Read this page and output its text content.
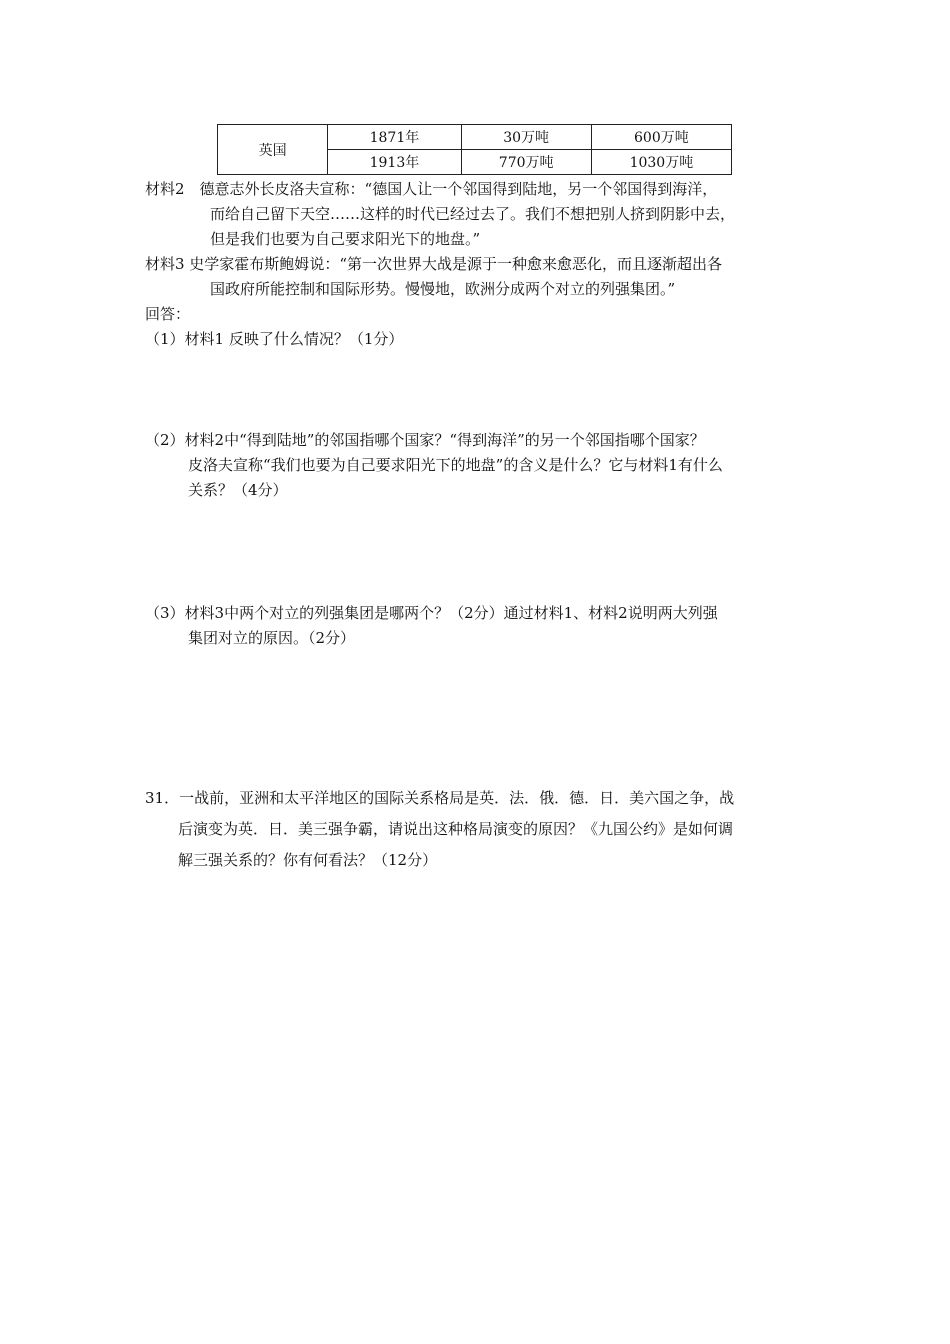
英国	1871年	30万吨	600万吨
	1913年	770万吨	1030万吨
材料2　德意志外长皮洛夫宣称：“德国人让一个邻国得到陆地，另一个邻国得到海洋，
而给自己留下天空……这样的时代已经过去了。我们不想把别人挤到阴影中去，
但是我们也要为自己要求阳光下的地盘。”
材料3 史学家霍布斯鲍姆说：“第一次世界大战是源于一种愈来愈恶化，而且逐渐超出各
国政府所能控制和国际形势。慢慢地，欧洲分成两个对立的列强集团。”
回答：
（1）材料1 反映了什么情况？（1分）
（2）材料2中“得到陆地”的邻国指哪个国家？“得到海洋”的另一个邻国指哪个国家？
皮洛夫宣称“我们也要为自己要求阳光下的地盘”的含义是什么？它与材料1有什么
关系？（4分）
（3）材料3中两个对立的列强集团是哪两个？（2分）通过材料1、材料2说明两大列强
集团对立的原因。（2分）
31．一战前，亚洲和太平洋地区的国际关系格局是英．法．俄．德．日．美六国之争，战
后演变为英．日．美三强争霸，请说出这种格局演变的原因？《九国公约》是如何调
解三强关系的？你有何看法？（12分）
